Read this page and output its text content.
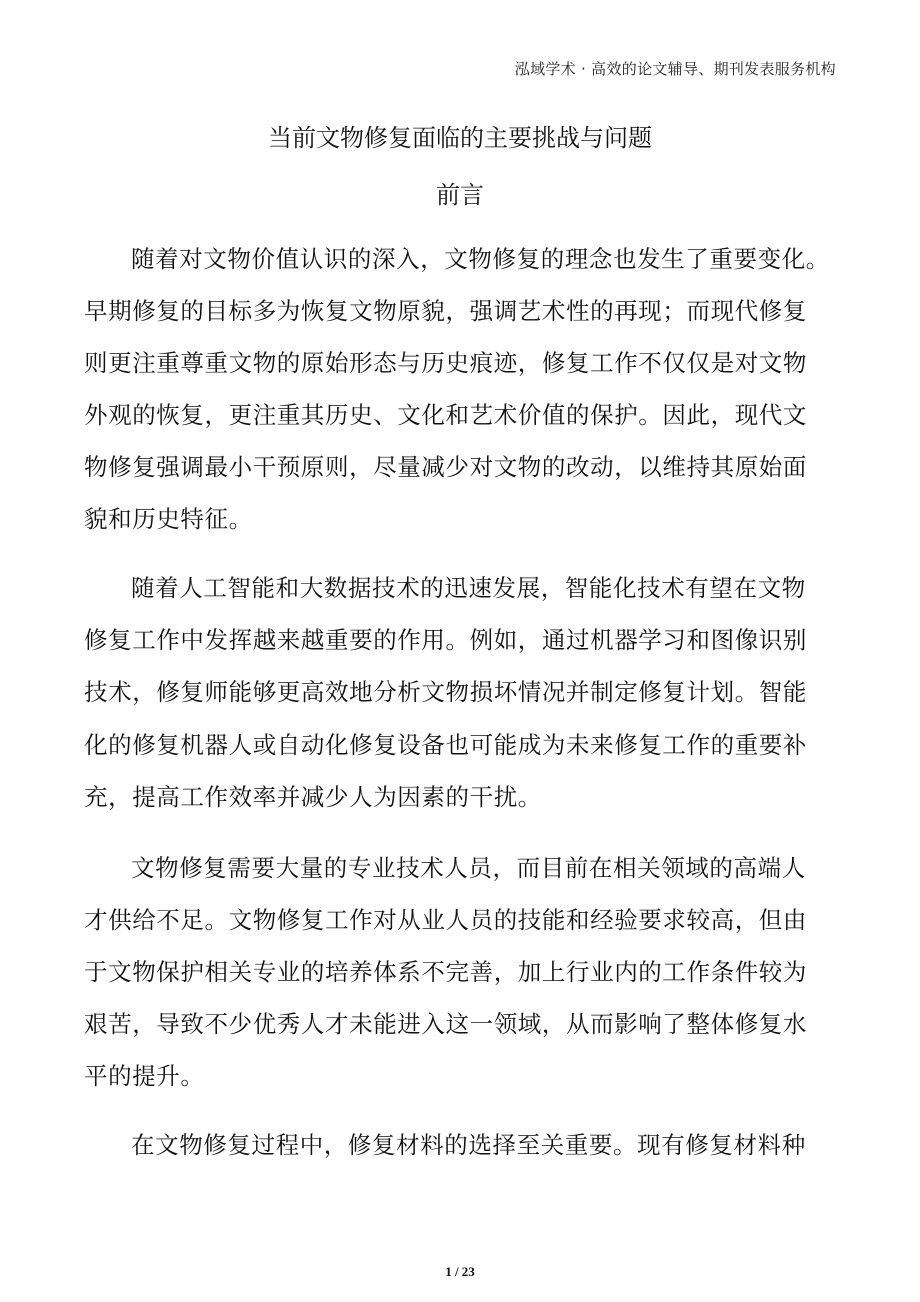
泓域学术 · 高效的论文辅导、期刊发表服务机构
当前文物修复面临的主要挑战与问题
前言
随着对文物价值认识的深入，文物修复的理念也发生了重要变化。
早期修复的目标多为恢复文物原貌，强调艺术性的再现；而现代修复
则更注重尊重文物的原始形态与历史痕迹，修复工作不仅仅是对文物
外观的恢复，更注重其历史、文化和艺术价值的保护。因此，现代文
物修复强调最小干预原则，尽量减少对文物的改动，以维持其原始面
貌和历史特征。
随着人工智能和大数据技术的迅速发展，智能化技术有望在文物
修复工作中发挥越来越重要的作用。例如，通过机器学习和图像识别
技术，修复师能够更高效地分析文物损坏情况并制定修复计划。智能
化的修复机器人或自动化修复设备也可能成为未来修复工作的重要补
充，提高工作效率并减少人为因素的干扰。
文物修复需要大量的专业技术人员，而目前在相关领域的高端人
才供给不足。文物修复工作对从业人员的技能和经验要求较高，但由
于文物保护相关专业的培养体系不完善，加上行业内的工作条件较为
艰苦，导致不少优秀人才未能进入这一领域，从而影响了整体修复水
平的提升。
在文物修复过程中，修复材料的选择至关重要。现有修复材料种
1 / 23
